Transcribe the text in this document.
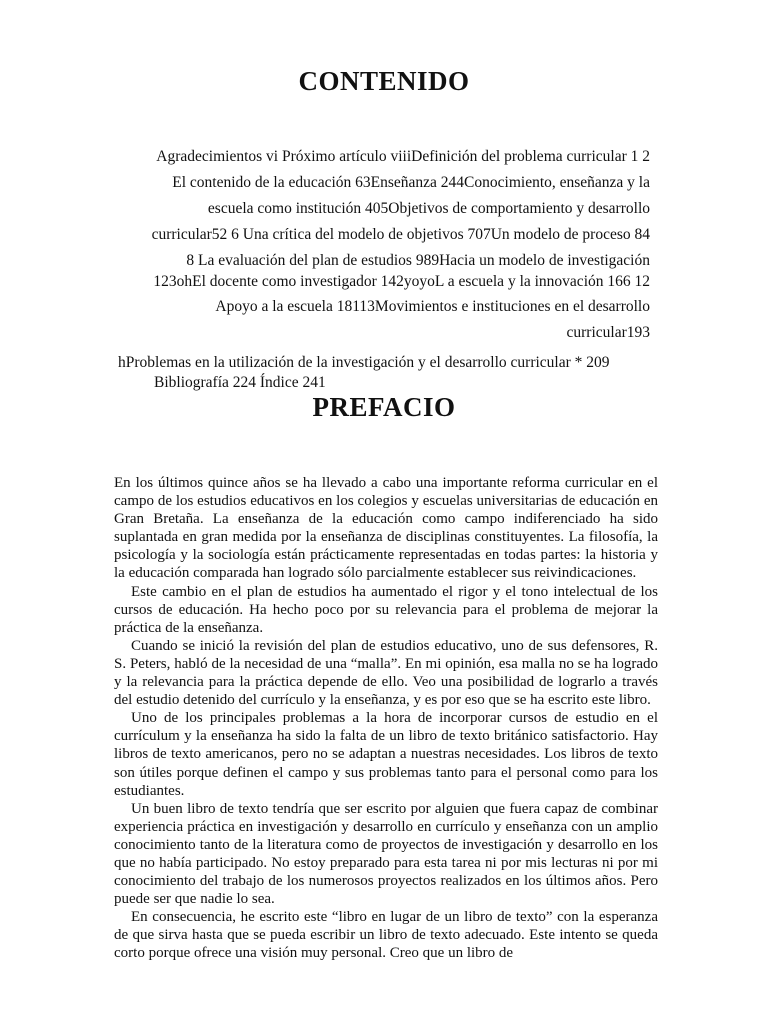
CONTENIDO
Agradecimientos vi Próximo artículo viiiDefinición del problema curricular 1 2
El contenido de la educación 63Enseñanza 244Conocimiento, enseñanza y la
escuela como institución 405Objetivos de comportamiento y desarrollo
curricular52 6 Una crítica del modelo de objetivos 707Un modelo de proceso 84
8 La evaluación del plan de estudios 989Hacia un modelo de investigación
123ohEl docente como investigador 142yoyoL a escuela y la innovación 166 12
Apoyo a la escuela 18113Movimientos e instituciones en el desarrollo
curricular193
hProblemas en la utilización de la investigación y el desarrollo curricular * 209
Bibliografía 224 Índice 241
PREFACIO

En los últimos quince años se ha llevado a cabo una importante reforma curricular en el campo de los estudios educativos en los colegios y escuelas universitarias de educación en Gran Bretaña. La enseñanza de la educación como campo indiferenciado ha sido suplantada en gran medida por la enseñanza de disciplinas constituyentes. La filosofía, la psicología y la sociología están prácticamente representadas en todas partes: la historia y la educación comparada han logrado sólo parcialmente establecer sus reivindicaciones.

Este cambio en el plan de estudios ha aumentado el rigor y el tono intelectual de los cursos de educación. Ha hecho poco por su relevancia para el problema de mejorar la práctica de la enseñanza.

Cuando se inició la revisión del plan de estudios educativo, uno de sus defensores, R. S. Peters, habló de la necesidad de una “malla”. En mi opinión, esa malla no se ha logrado y la relevancia para la práctica depende de ello. Veo una posibilidad de lograrlo a través del estudio detenido del currículo y la enseñanza, y es por eso que se ha escrito este libro.

Uno de los principales problemas a la hora de incorporar cursos de estudio en el currículum y la enseñanza ha sido la falta de un libro de texto británico satisfactorio. Hay libros de texto americanos, pero no se adaptan a nuestras necesidades. Los libros de texto son útiles porque definen el campo y sus problemas tanto para el personal como para los estudiantes.

Un buen libro de texto tendría que ser escrito por alguien que fuera capaz de combinar experiencia práctica en investigación y desarrollo en currículo y enseñanza con un amplio conocimiento tanto de la literatura como de proyectos de investigación y desarrollo en los que no había participado. No estoy preparado para esta tarea ni por mis lecturas ni por mi conocimiento del trabajo de los numerosos proyectos realizados en los últimos años. Pero puede ser que nadie lo sea.

En consecuencia, he escrito este “libro en lugar de un libro de texto” con la esperanza de que sirva hasta que se pueda escribir un libro de texto adecuado. Este intento se queda corto porque ofrece una visión muy personal. Creo que un libro de
